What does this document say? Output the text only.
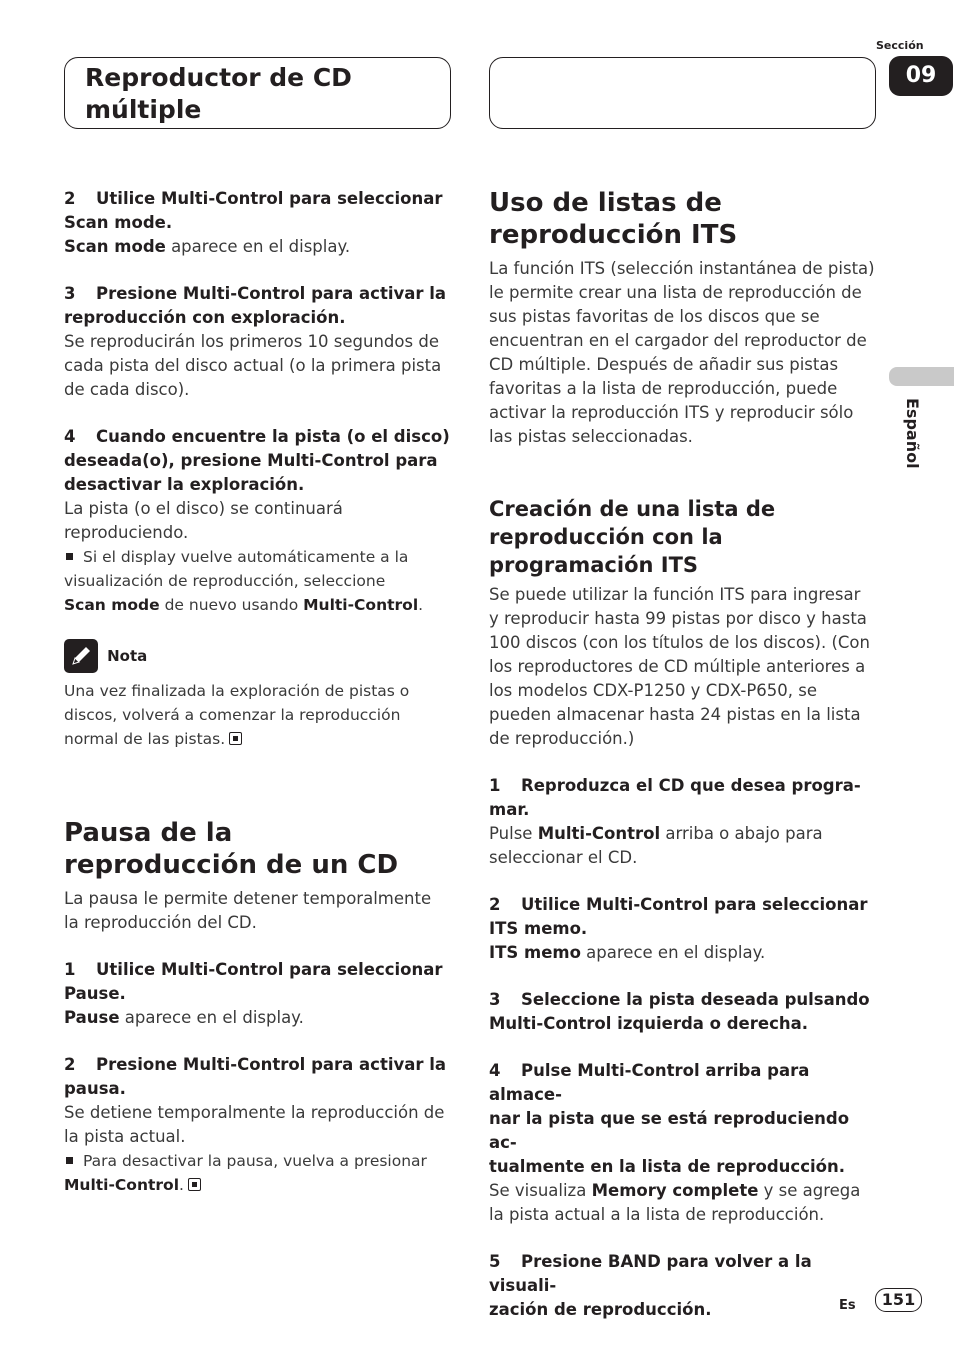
Reproductor de CD múltiple
Sección
09
Español

2 Utilice Multi-Control para seleccionar
Scan mode.

Scan mode aparece en el display.

3 Presione Multi-Control para activar la
reproducción con exploración.

Se reproducirán los primeros 10 segundos de cada pista del disco actual (o la primera pista de cada disco).

4 Cuando encuentre la pista (o el disco)
deseada(o), presione Multi-Control para
desactivar la exploración.

La pista (o el disco) se continuará reproduciendo.

Si el display vuelve automáticamente a la visualización de reproducción, seleccione

Scan mode de nuevo usando Multi-Control.

Nota

Una vez finalizada la exploración de pistas o discos, volverá a comenzar la reproducción normal de las pistas.

Pausa de la reproducción de un CD

La pausa le permite detener temporalmente la reproducción del CD.

1 Utilice Multi-Control para seleccionar
Pause.

Pause aparece en el display.

2 Presione Multi-Control para activar la
pausa.

Se detiene temporalmente la reproducción de la pista actual.

Para desactivar la pausa, vuelva a presionar

Multi-Control.

Uso de listas de reproducción ITS

La función ITS (selección instantánea de pista) le permite crear una lista de reproducción de sus pistas favoritas de los discos que se encuentran en el cargador del reproductor de CD múltiple. Después de añadir sus pistas favoritas a la lista de reproducción, puede activar la reproducción ITS y reproducir sólo las pistas seleccionadas.

Creación de una lista de reproducción con la programación ITS

Se puede utilizar la función ITS para ingresar y reproducir hasta 99 pistas por disco y hasta 100 discos (con los títulos de los discos). (Con los reproductores de CD múltiple anteriores a los modelos CDX-P1250 y CDX-P650, se pueden almacenar hasta 24 pistas en la lista de reproducción.)

1 Reproduzca el CD que desea progra-
mar.

Pulse Multi-Control arriba o abajo para seleccionar el CD.

2 Utilice Multi-Control para seleccionar
ITS memo.

ITS memo aparece en el display.

3 Seleccione la pista deseada pulsando
Multi-Control izquierda o derecha.

4 Pulse Multi-Control arriba para almace-
nar la pista que se está reproduciendo ac-
tualmente en la lista de reproducción.

Se visualiza Memory complete y se agrega la pista actual a la lista de reproducción.

5 Presione BAND para volver a la visuali-
zación de reproducción.	Es	151
